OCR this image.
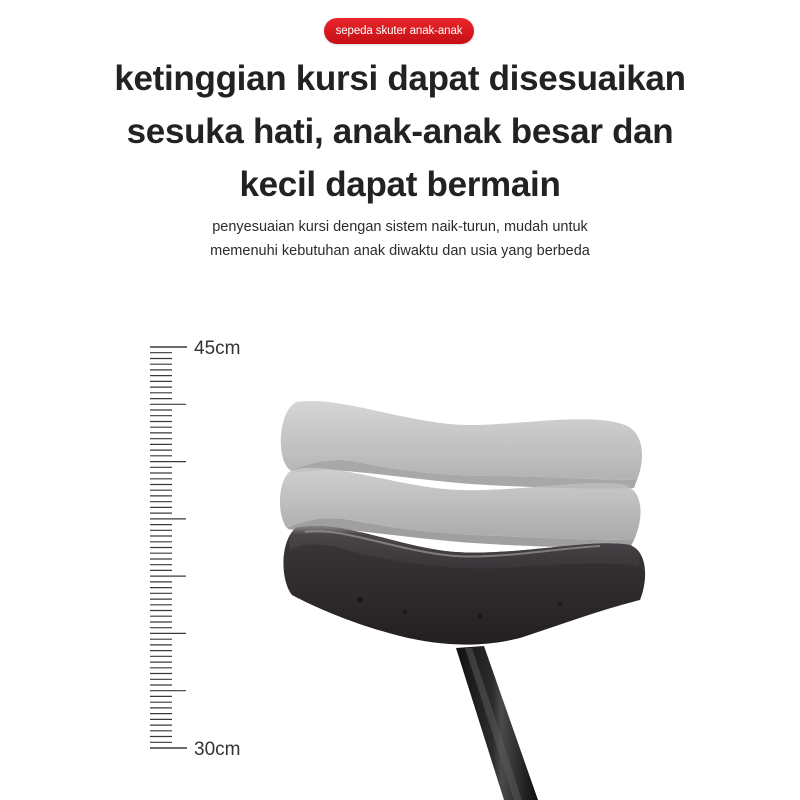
sepeda skuter anak-anak
ketinggian kursi dapat disesuaikan
sesuka hati, anak-anak besar dan
kecil dapat bermain
penyesuaian kursi dengan sistem naik-turun, mudah untuk
memenuhi kebutuhan anak diwaktu dan usia yang berbeda
45cm
30cm
